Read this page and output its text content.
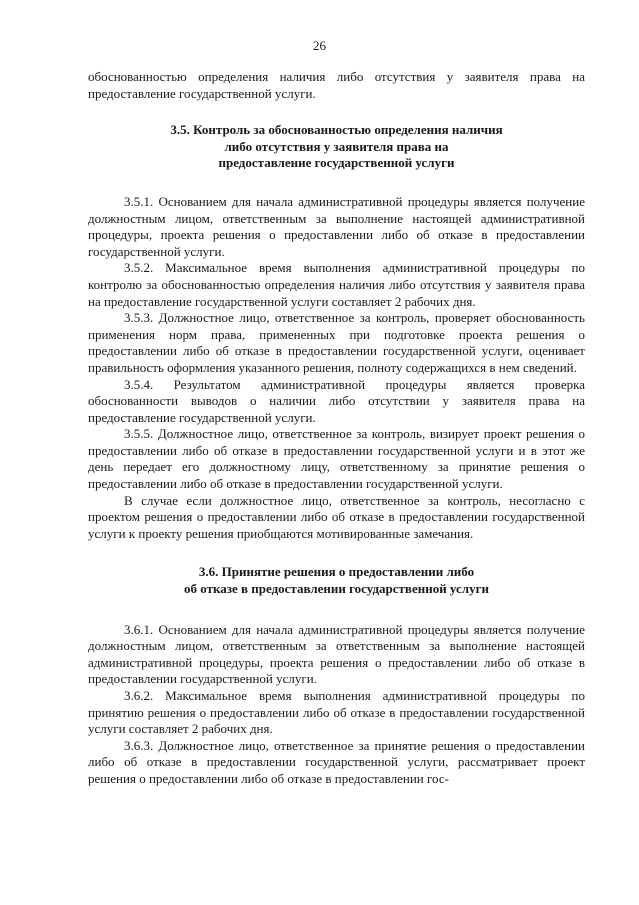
26

обоснованностью определения наличия либо отсутствия у заявителя права на предоставление государственной услуги.

3.5. Контроль за обоснованностью определения наличия
либо отсутствия у заявителя права на
предоставление государственной услуги

3.5.1. Основанием для начала административной процедуры является получение должностным лицом, ответственным за выполнение настоящей административной процедуры, проекта решения о предоставлении либо об отказе в предоставлении государственной услуги.

3.5.2. Максимальное время выполнения административной процедуры по контролю за обоснованностью определения наличия либо отсутствия у заявителя права на предоставление государственной услуги составляет 2 рабочих дня.

3.5.3. Должностное лицо, ответственное за контроль, проверяет обоснованность применения норм права, примененных при подготовке проекта решения о предоставлении либо об отказе в предоставлении государственной услуги, оценивает правильность оформления указанного решения, полноту содержащихся в нем сведений.

3.5.4. Результатом административной процедуры является проверка обоснованности выводов о наличии либо отсутствии у заявителя права на предоставление государственной услуги.

3.5.5. Должностное лицо, ответственное за контроль, визирует проект решения о предоставлении либо об отказе в предоставлении государственной услуги и в этот же день передает его должностному лицу, ответственному за принятие решения о предоставлении либо об отказе в предоставлении государственной услуги.

В случае если должностное лицо, ответственное за контроль, несогласно с проектом решения о предоставлении либо об отказе в предоставлении государственной услуги к проекту решения приобщаются мотивированные замечания.

3.6. Принятие решения о предоставлении либо
об отказе в предоставлении государственной услуги

3.6.1. Основанием для начала административной процедуры является получение должностным лицом, ответственным за ответственным за выполнение настоящей административной процедуры, проекта решения о предоставлении либо об отказе в предоставлении государственной услуги.

3.6.2. Максимальное время выполнения административной процедуры по принятию решения о предоставлении либо об отказе в предоставлении государственной услуги составляет 2 рабочих дня.

3.6.3. Должностное лицо, ответственное за принятие решения о предоставлении либо об отказе в предоставлении государственной услуги, рассматривает проект решения о предоставлении либо об отказе в предоставлении гос-
